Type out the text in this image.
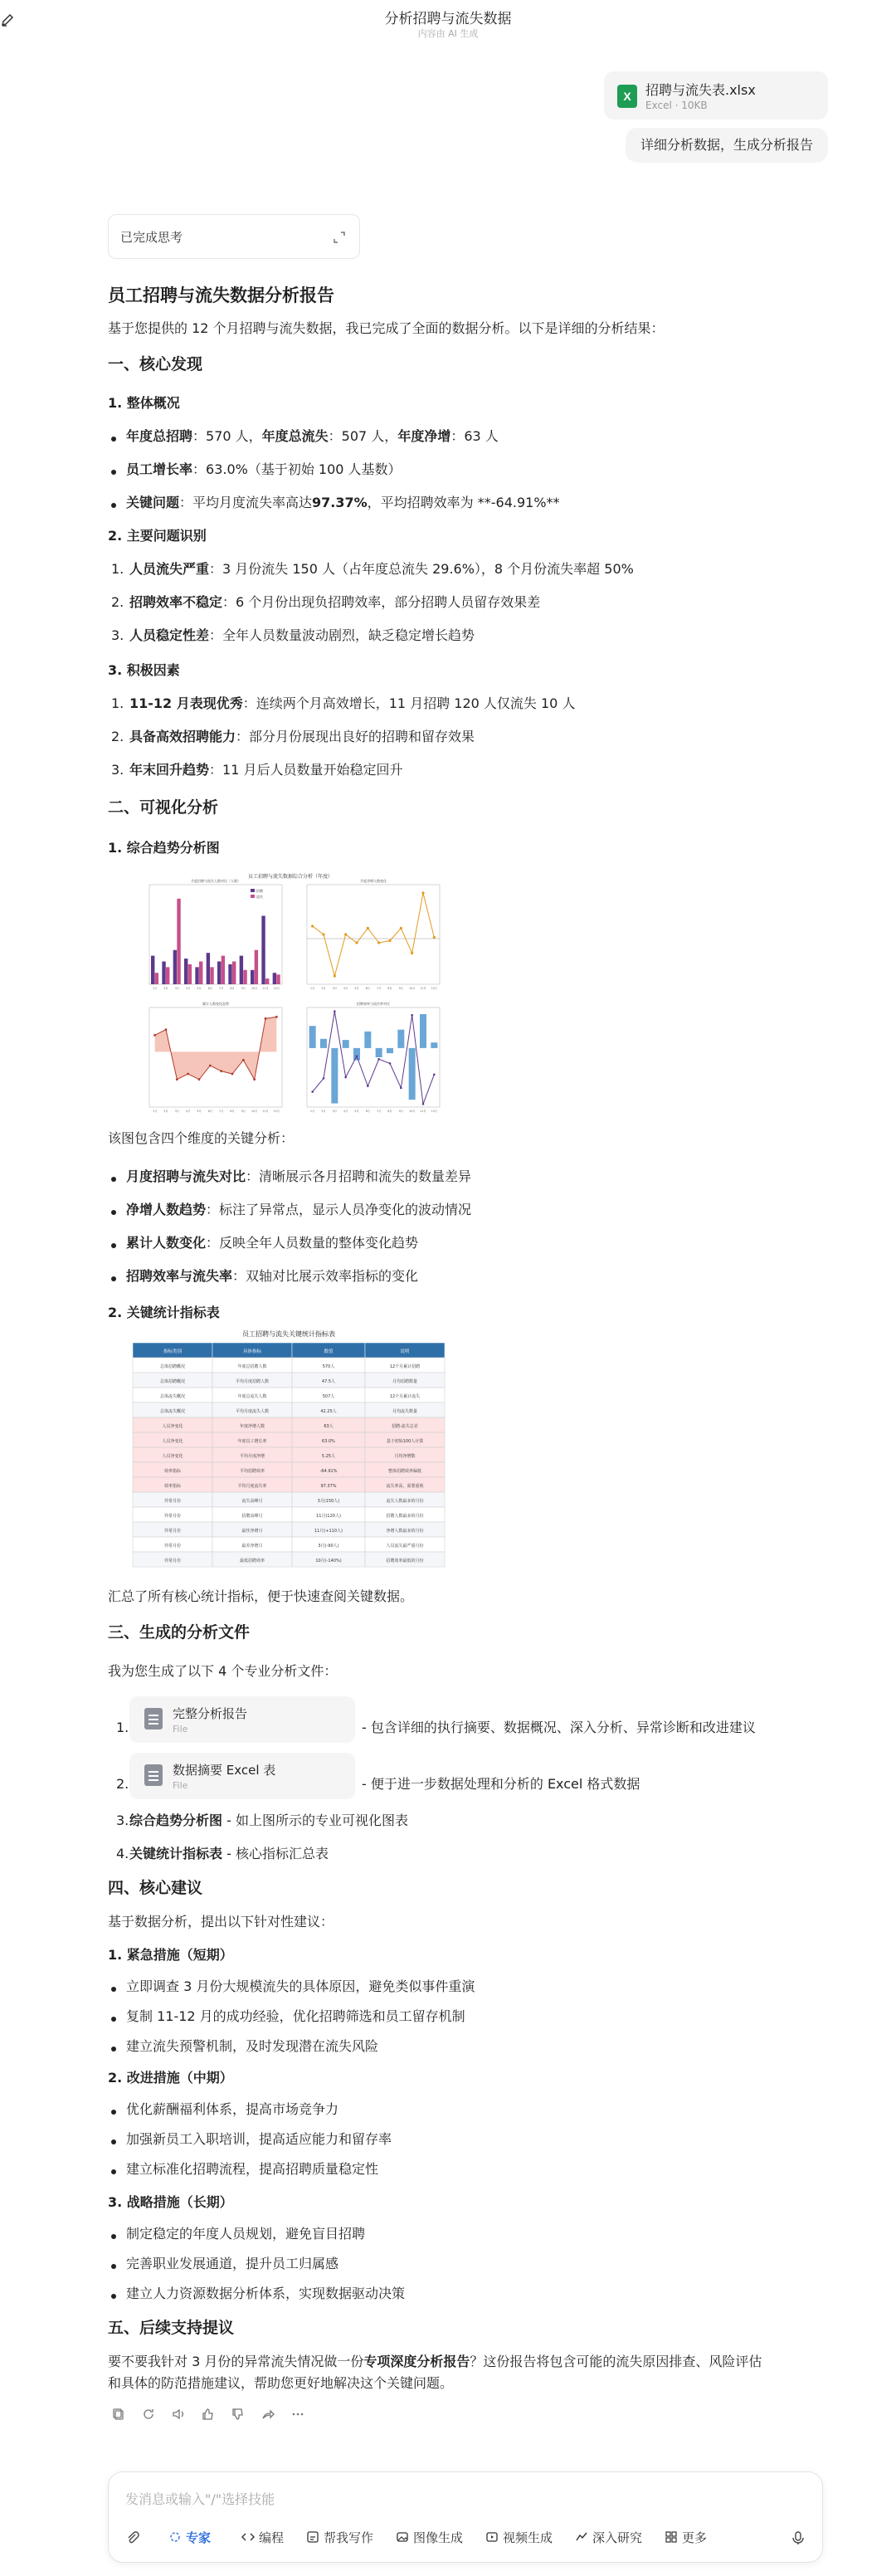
分析招聘与流失数据
内容由 AI 生成
X	招聘与流失表.xlsx
Excel · 10KB
详细分析数据，生成分析报告
已完成思考
员工招聘与流失数据分析报告
基于您提供的 12 个月招聘与流失数据，我已完成了全面的数据分析。以下是详细的分析结果：
一、核心发现
1. 整体概况
年度总招聘：570 人，年度总流失：507 人，年度净增：63 人
员工增长率：63.0%（基于初始 100 人基数）
关键问题：平均月度流失率高达97.37%，平均招聘效率为 **-64.91%**
2. 主要问题识别
1. 人员流失严重：3 月份流失 150 人（占年度总流失 29.6%），8 个月份流失率超 50%
2. 招聘效率不稳定：6 个月份出现负招聘效率，部分招聘人员留存效果差
3. 人员稳定性差：全年人员数量波动剧烈，缺乏稳定增长趋势
3. 积极因素
1. 11-12 月表现优秀：连续两个月高效增长，11 月招聘 120 人仅流失 10 人
2. 具备高效招聘能力：部分月份展现出良好的招聘和留存效果
3. 年末回升趋势：11 月后人员数量开始稳定回升
二、可视化分析
1. 综合趋势分析图
员工招聘与流失数据综合分析（年度）
月度招聘与流失人数对比（人数）
1月	2月	3月	4月	5月	6月	7月	8月	9月 10月 11月 12月
招聘
流失
月度净增人数变化
1月	2月	3月	4月	5月	6月	7月	8月	9月 10月 11月 12月
累计人数变化趋势
1月	2月	3月	4月	5月	6月	7月	8月	9月 10月 11月 12月
招聘效率与流失率对比
1月	2月	3月	4月	5月	6月	7月	8月	9月 10月 11月 12月
该图包含四个维度的关键分析：
月度招聘与流失对比：清晰展示各月招聘和流失的数量差异
净增人数趋势：标注了异常点，显示人员净变化的波动情况
累计人数变化：反映全年人员数量的整体变化趋势
招聘效率与流失率：双轴对比展示效率指标的变化
2. 关键统计指标表
员工招聘与流失关键统计指标表
指标类别	具体指标	数值	说明
总体招聘概况	年度总招聘人数	570人	12个月累计招聘
总体招聘概况	平均月度招聘人数	47.5人	月均招聘数量
总体流失概况	年度总流失人数	507人	12个月累计流失
总体流失概况	平均月度流失人数	42.25人	月均流失数量
人员净变化	年度净增人数	63人	招聘-流失总差
人员净变化	年度员工增长率	63.0%	基于初始100人计算
人员净变化	平均月度净增	5.25人	月均净增数
效率指标	平均招聘效率	-64.91%	整体招聘效率偏低
效率指标	平均月度流失率	97.37%	流失率高，需要重视
异常月份	流失高峰月	3月(150人)	流失人数最多的月份
异常月份	招聘高峰月	11月(120人)	招聘人数最多的月份
异常月份	最佳净增月	11月(+110人)	净增人数最多的月份
异常月份	最差净增月	3月(-90人)	人员流失最严重月份
异常月份	最低招聘效率	10月(-140%)	招聘效率最低的月份
汇总了所有核心统计指标，便于快速查阅关键数据。
三、生成的分析文件
我为您生成了以下 4 个专业分析文件：
1.
完整分析报告
File	- 包含详细的执行摘要、数据概况、深入分析、异常诊断和改进建议
2.
数据摘要 Excel 表
File	- 便于进一步数据处理和分析的 Excel 格式数据
3. 综合趋势分析图 - 如上图所示的专业可视化图表
4. 关键统计指标表 - 核心指标汇总表
四、核心建议
基于数据分析，提出以下针对性建议：
1. 紧急措施（短期）
立即调查 3 月份大规模流失的具体原因，避免类似事件重演
复制 11-12 月的成功经验，优化招聘筛选和员工留存机制
建立流失预警机制，及时发现潜在流失风险
2. 改进措施（中期）
优化薪酬福利体系，提高市场竞争力
加强新员工入职培训，提高适应能力和留存率
建立标准化招聘流程，提高招聘质量稳定性
3. 战略措施（长期）
制定稳定的年度人员规划，避免盲目招聘
完善职业发展通道，提升员工归属感
建立人力资源数据分析体系，实现数据驱动决策
五、后续支持提议
要不要我针对 3 月份的异常流失情况做一份专项深度分析报告？这份报告将包含可能的流失原因排查、风险评估
和具体的防范措施建议，帮助您更好地解决这个关键问题。
发消息或输入"/"选择技能
专家	编程	帮我写作	图像生成	视频生成	深入研究	更多
